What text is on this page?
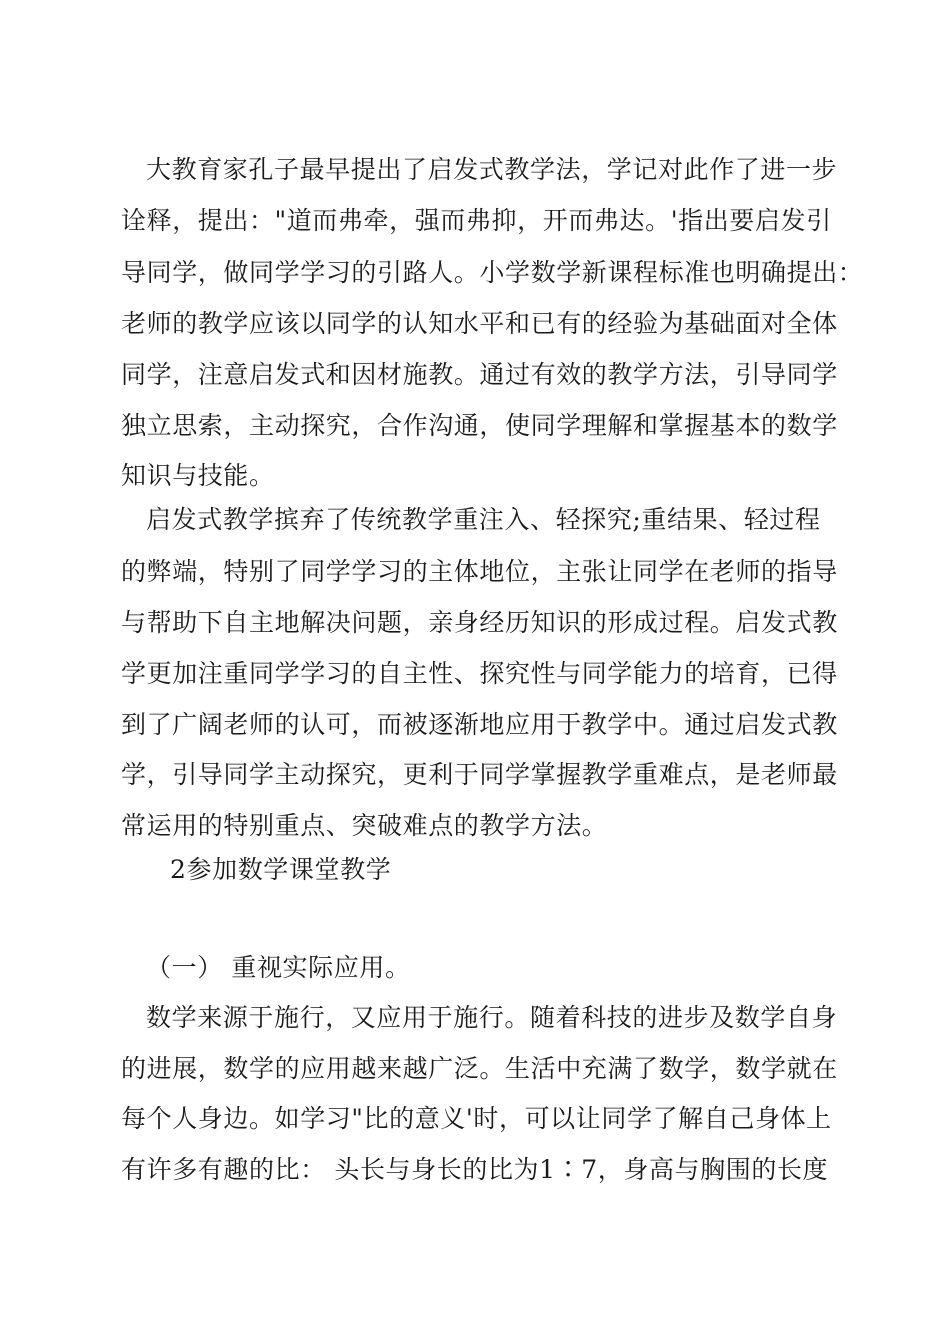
大教育家孔子最早提出了启发式教学法，学记对此作了进一步
诠释，提出："道而弗牵，强而弗抑，开而弗达。'指出要启发引
导同学，做同学学习的引路人。小学数学新课程标准也明确提出：
老师的教学应该以同学的认知水平和已有的经验为基础面对全体
同学，注意启发式和因材施教。通过有效的教学方法，引导同学
独立思索，主动探究，合作沟通，使同学理解和掌握基本的数学
知识与技能。
启发式教学摈弃了传统教学重注入、轻探究;重结果、轻过程
的弊端，特别了同学学习的主体地位，主张让同学在老师的指导
与帮助下自主地解决问题，亲身经历知识的形成过程。启发式教
学更加注重同学学习的自主性、探究性与同学能力的培育，已得
到了广阔老师的认可，而被逐渐地应用于教学中。通过启发式教
学，引导同学主动探究，更利于同学掌握教学重难点，是老师最
常运用的特别重点、突破难点的教学方法。
2参加数学课堂教学
（一） 重视实际应用。
数学来源于施行，又应用于施行。随着科技的进步及数学自身
的进展，数学的应用越来越广泛。生活中充满了数学，数学就在
每个人身边。如学习"比的意义'时，可以让同学了解自己身体上
有许多有趣的比： 头长与身长的比为1∶7，身高与胸围的长度
